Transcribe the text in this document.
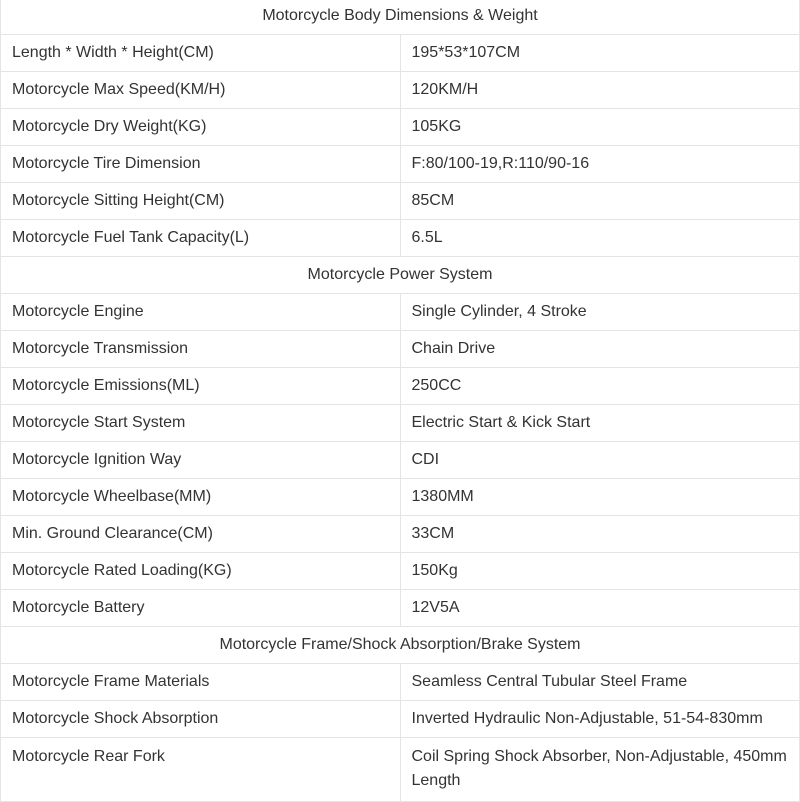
Motorcycle Body Dimensions & Weight	
Length * Width * Height(CM)	195*53*107CM
Motorcycle Max Speed(KM/H)	120KM/H
Motorcycle Dry Weight(KG)	105KG
Motorcycle Tire Dimension	F:80/100-19,R:110/90-16
Motorcycle Sitting Height(CM)	85CM
Motorcycle Fuel Tank Capacity(L)	6.5L
Motorcycle Power System	
Motorcycle Engine	Single Cylinder, 4 Stroke
Motorcycle Transmission	Chain Drive
Motorcycle Emissions(ML)	250CC
Motorcycle Start System	Electric Start & Kick Start
Motorcycle Ignition Way	CDI
Motorcycle Wheelbase(MM)	1380MM
Min. Ground Clearance(CM)	33CM
Motorcycle Rated Loading(KG)	150Kg
Motorcycle Battery	12V5A
Motorcycle Frame/Shock Absorption/Brake System	
Motorcycle Frame Materials	Seamless Central Tubular Steel Frame
Motorcycle Shock Absorption	Inverted Hydraulic Non-Adjustable, 51-54-830mm
Motorcycle Rear Fork	Coil Spring Shock Absorber, Non-Adjustable, 450mm Length
